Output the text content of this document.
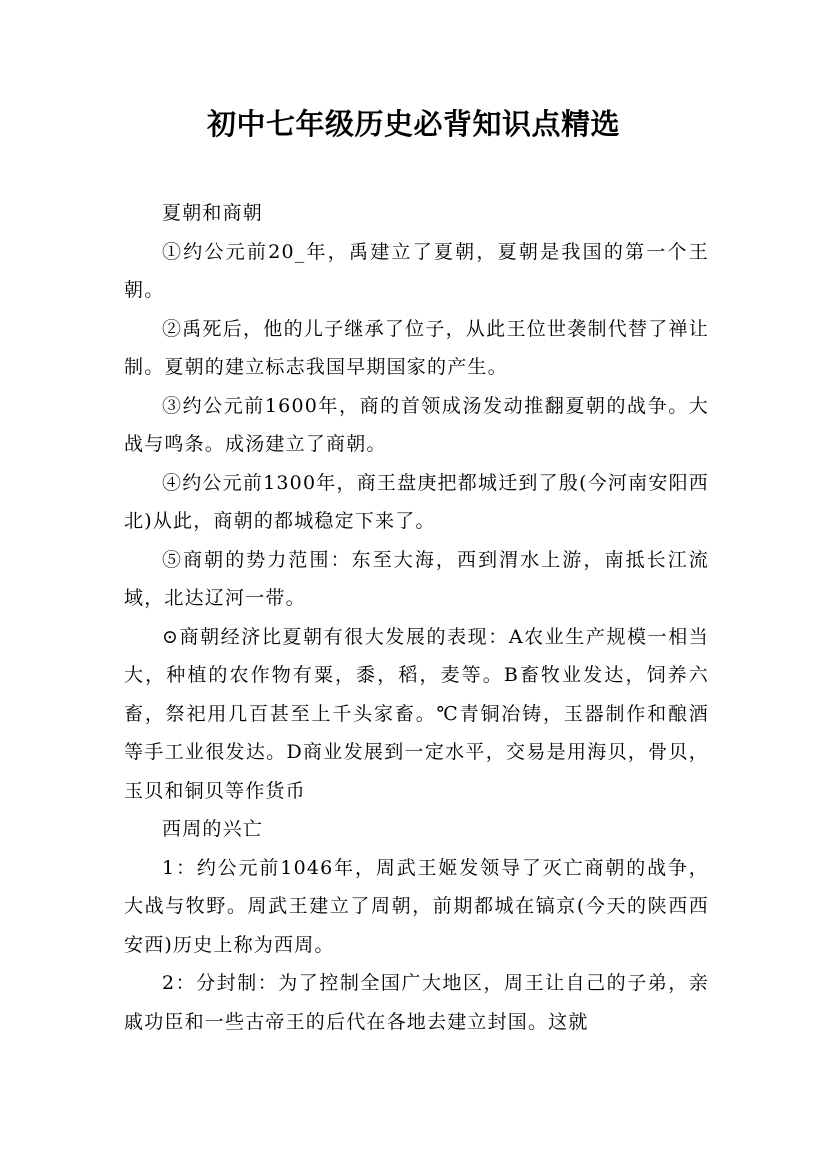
初中七年级历史必背知识点精选

夏朝和商朝

①约公元前20_年，禹建立了夏朝，夏朝是我国的第一个王朝。

②禹死后，他的儿子继承了位子，从此王位世袭制代替了禅让制。夏朝的建立标志我国早期国家的产生。

③约公元前1600年，商的首领成汤发动推翻夏朝的战争。大战与鸣条。成汤建立了商朝。

④约公元前1300年，商王盘庚把都城迁到了殷(今河南安阳西北)从此，商朝的都城稳定下来了。

⑤商朝的势力范围：东至大海，西到渭水上游，南抵长江流域，北达辽河一带。

⊙商朝经济比夏朝有很大发展的表现：A农业生产规模一相当大，种植的农作物有粟，黍，稻，麦等。B畜牧业发达，饲养六畜，祭祀用几百甚至上千头家畜。℃青铜冶铸，玉器制作和酿酒等手工业很发达。D商业发展到一定水平，交易是用海贝，骨贝，玉贝和铜贝等作货币

西周的兴亡

1：约公元前1046年，周武王姬发领导了灭亡商朝的战争，大战与牧野。周武王建立了周朝，前期都城在镐京(今天的陕西西安西)历史上称为西周。

2：分封制：为了控制全国广大地区，周王让自己的子弟，亲戚功臣和一些古帝王的后代在各地去建立封国。这就
